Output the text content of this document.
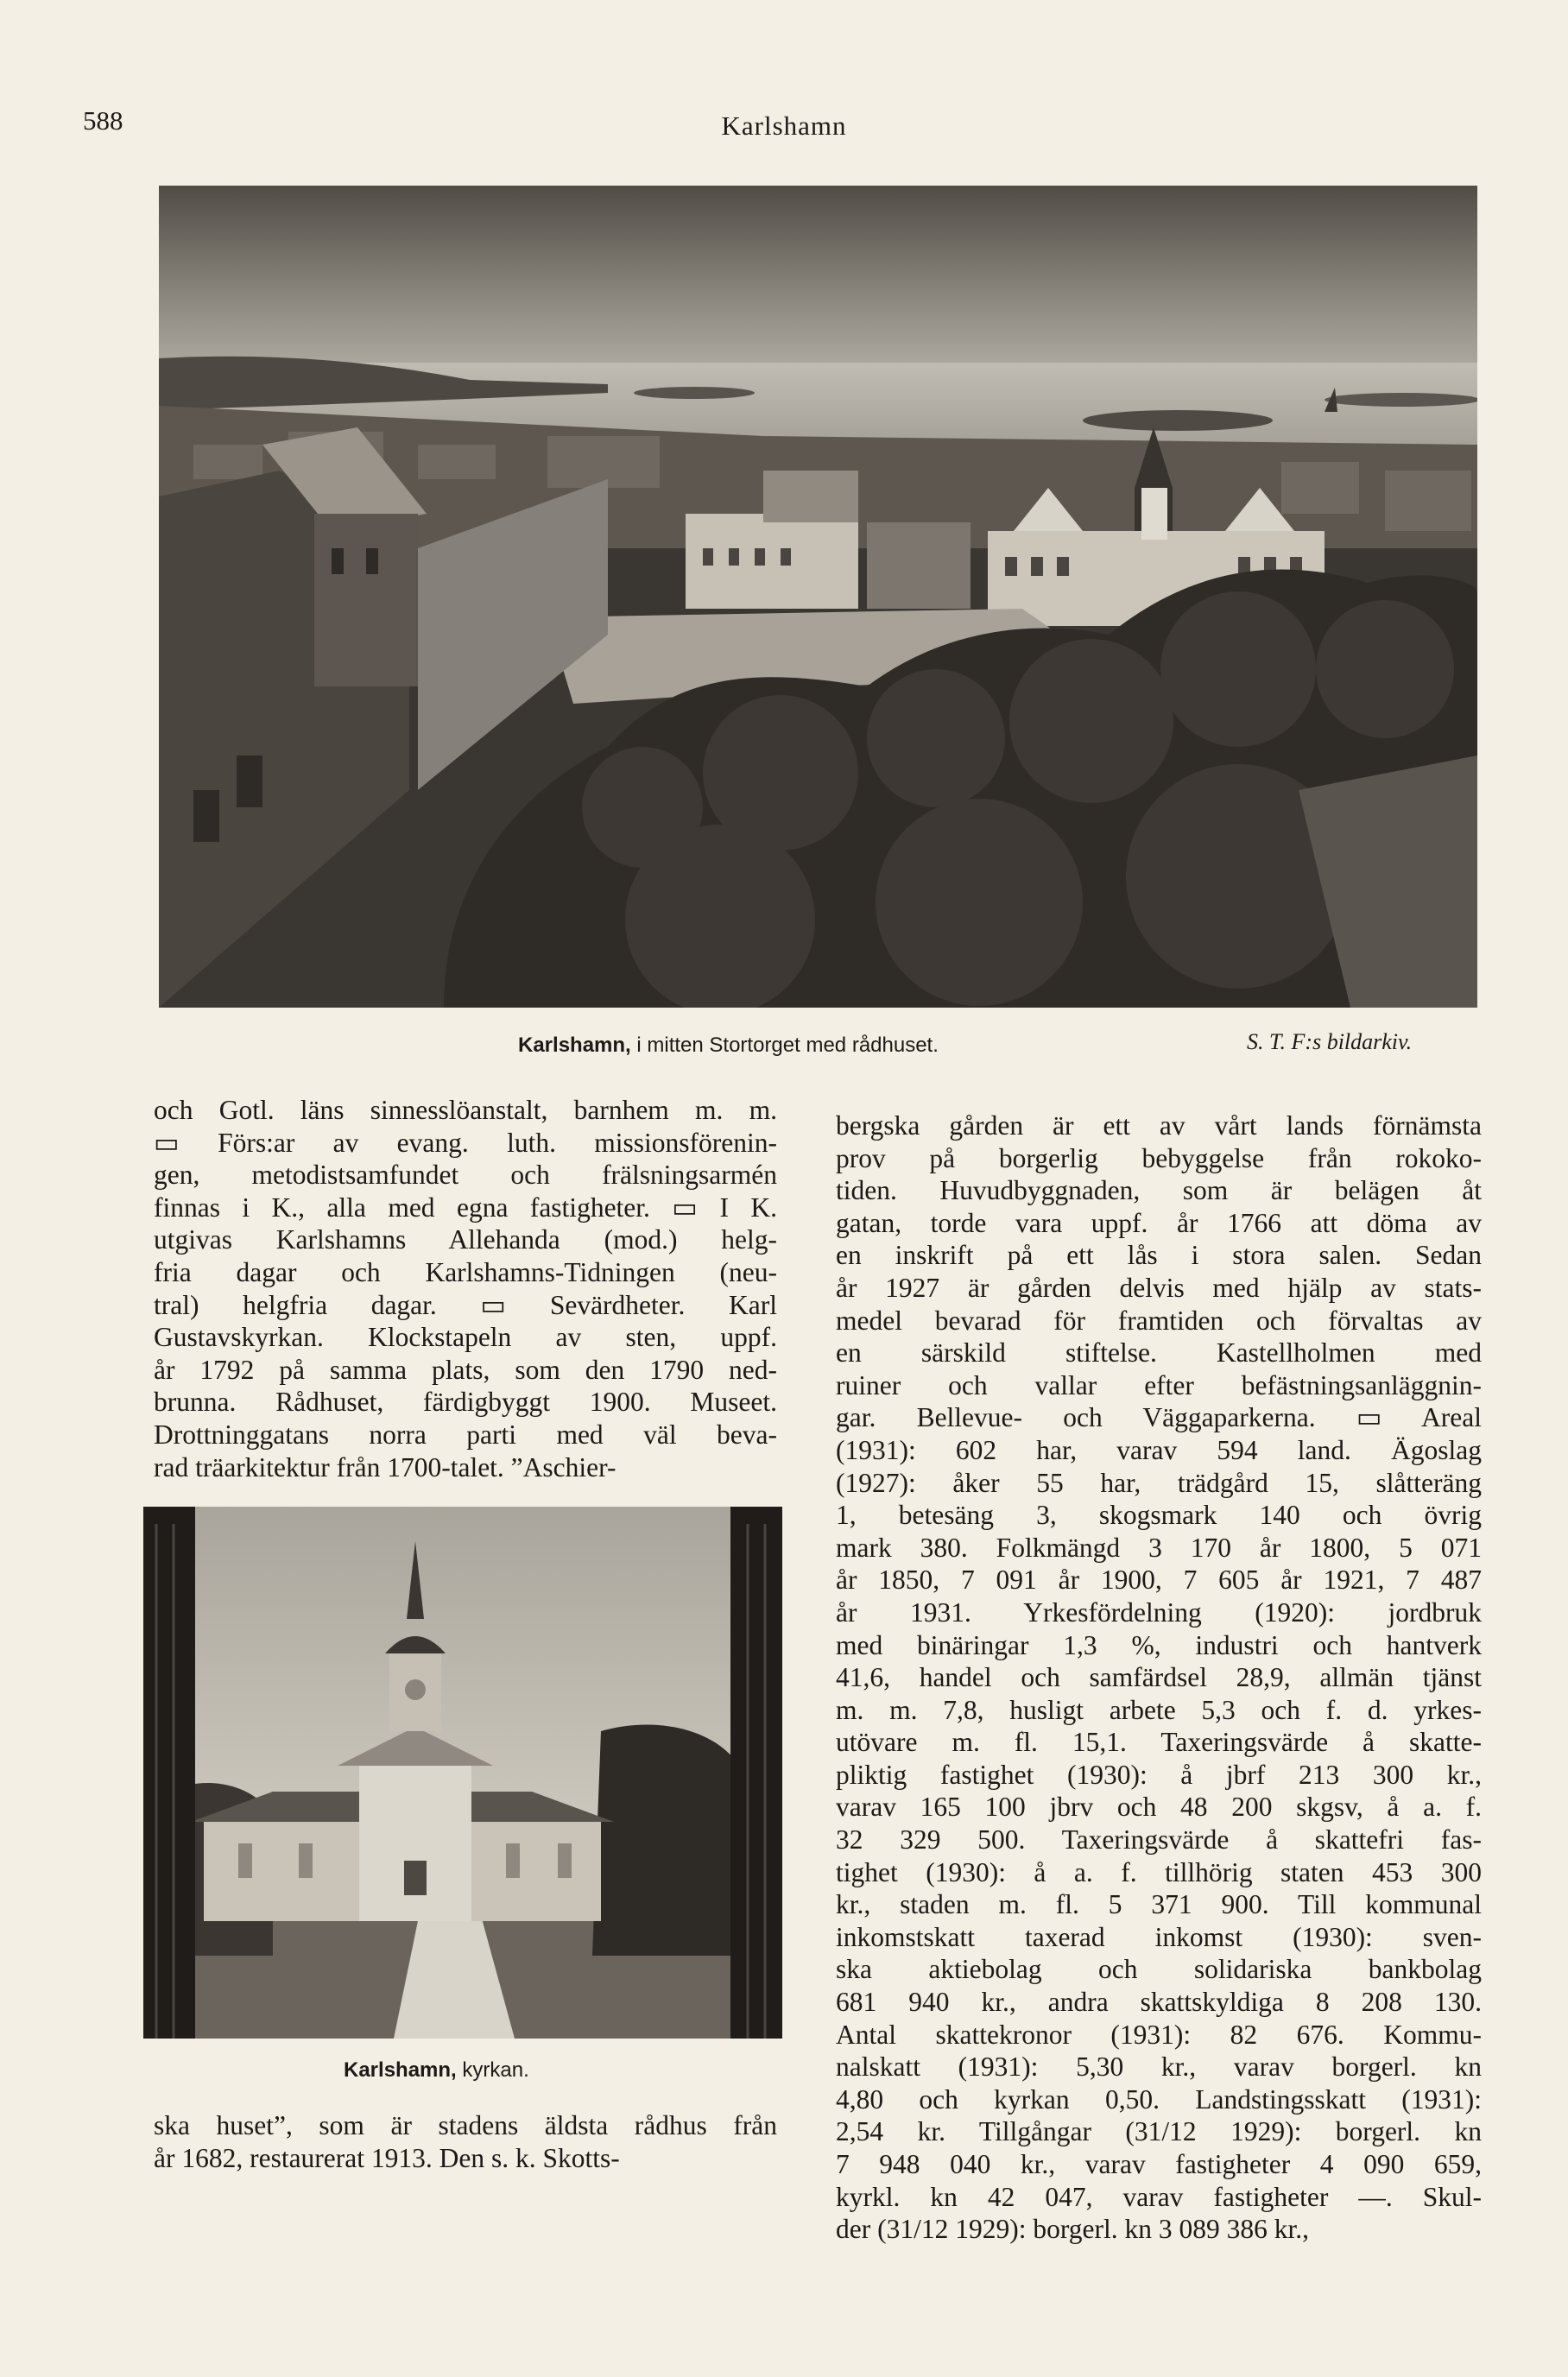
588	Karlshamn
Karlshamn, i mitten Stortorget med rådhuset.	S. T. F:s bildarkiv.
och Gotl. läns sinnesslöanstalt, barnhem m. m.
▭ Förs:ar av evang. luth. missionsförenin-
gen, metodistsamfundet och frälsningsarmén
finnas i K., alla med egna fastigheter. ▭ I K.
utgivas Karlshamns Allehanda (mod.) helg-
fria dagar och Karlshamns-Tidningen (neu-
tral) helgfria dagar. ▭ Sevärdheter. Karl
Gustavskyrkan. Klockstapeln av sten, uppf.
år 1792 på samma plats, som den 1790 ned-
brunna. Rådhuset, färdigbyggt 1900. Museet.
Drottninggatans norra parti med väl beva-
rad träarkitektur från 1700-talet. ”Aschier-
Karlshamn, kyrkan.
ska huset”, som är stadens äldsta rådhus från
år 1682, restaurerat 1913. Den s. k. Skotts-
bergska gården är ett av vårt lands förnämsta
prov på borgerlig bebyggelse från rokoko-
tiden. Huvudbyggnaden, som är belägen åt
gatan, torde vara uppf. år 1766 att döma av
en inskrift på ett lås i stora salen. Sedan
år 1927 är gården delvis med hjälp av stats-
medel bevarad för framtiden och förvaltas av
en särskild stiftelse. Kastellholmen med
ruiner och vallar efter befästningsanläggnin-
gar. Bellevue- och Väggaparkerna. ▭ Areal
(1931): 602 har, varav 594 land. Ägoslag
(1927): åker 55 har, trädgård 15, slåtteräng
1, betesäng 3, skogsmark 140 och övrig
mark 380. Folkmängd 3 170 år 1800, 5 071
år 1850, 7 091 år 1900, 7 605 år 1921, 7 487
år 1931. Yrkesfördelning (1920): jordbruk
med binäringar 1,3 %, industri och hantverk
41,6, handel och samfärdsel 28,9, allmän tjänst
m. m. 7,8, husligt arbete 5,3 och f. d. yrkes-
utövare m. fl. 15,1. Taxeringsvärde å skatte-
pliktig fastighet (1930): å jbrf 213 300 kr.,
varav 165 100 jbrv och 48 200 skgsv, å a. f.
32 329 500. Taxeringsvärde å skattefri fas-
tighet (1930): å a. f. tillhörig staten 453 300
kr., staden m. fl. 5 371 900. Till kommunal
inkomstskatt taxerad inkomst (1930): sven-
ska aktiebolag och solidariska bankbolag
681 940 kr., andra skattskyldiga 8 208 130.
Antal skattekronor (1931): 82 676. Kommu-
nalskatt (1931): 5,30 kr., varav borgerl. kn
4,80 och kyrkan 0,50. Landstingsskatt (1931):
2,54 kr. Tillgångar (31/12 1929): borgerl. kn
7 948 040 kr., varav fastigheter 4 090 659,
kyrkl. kn 42 047, varav fastigheter —. Skul-
der (31/12 1929): borgerl. kn 3 089 386 kr.,
